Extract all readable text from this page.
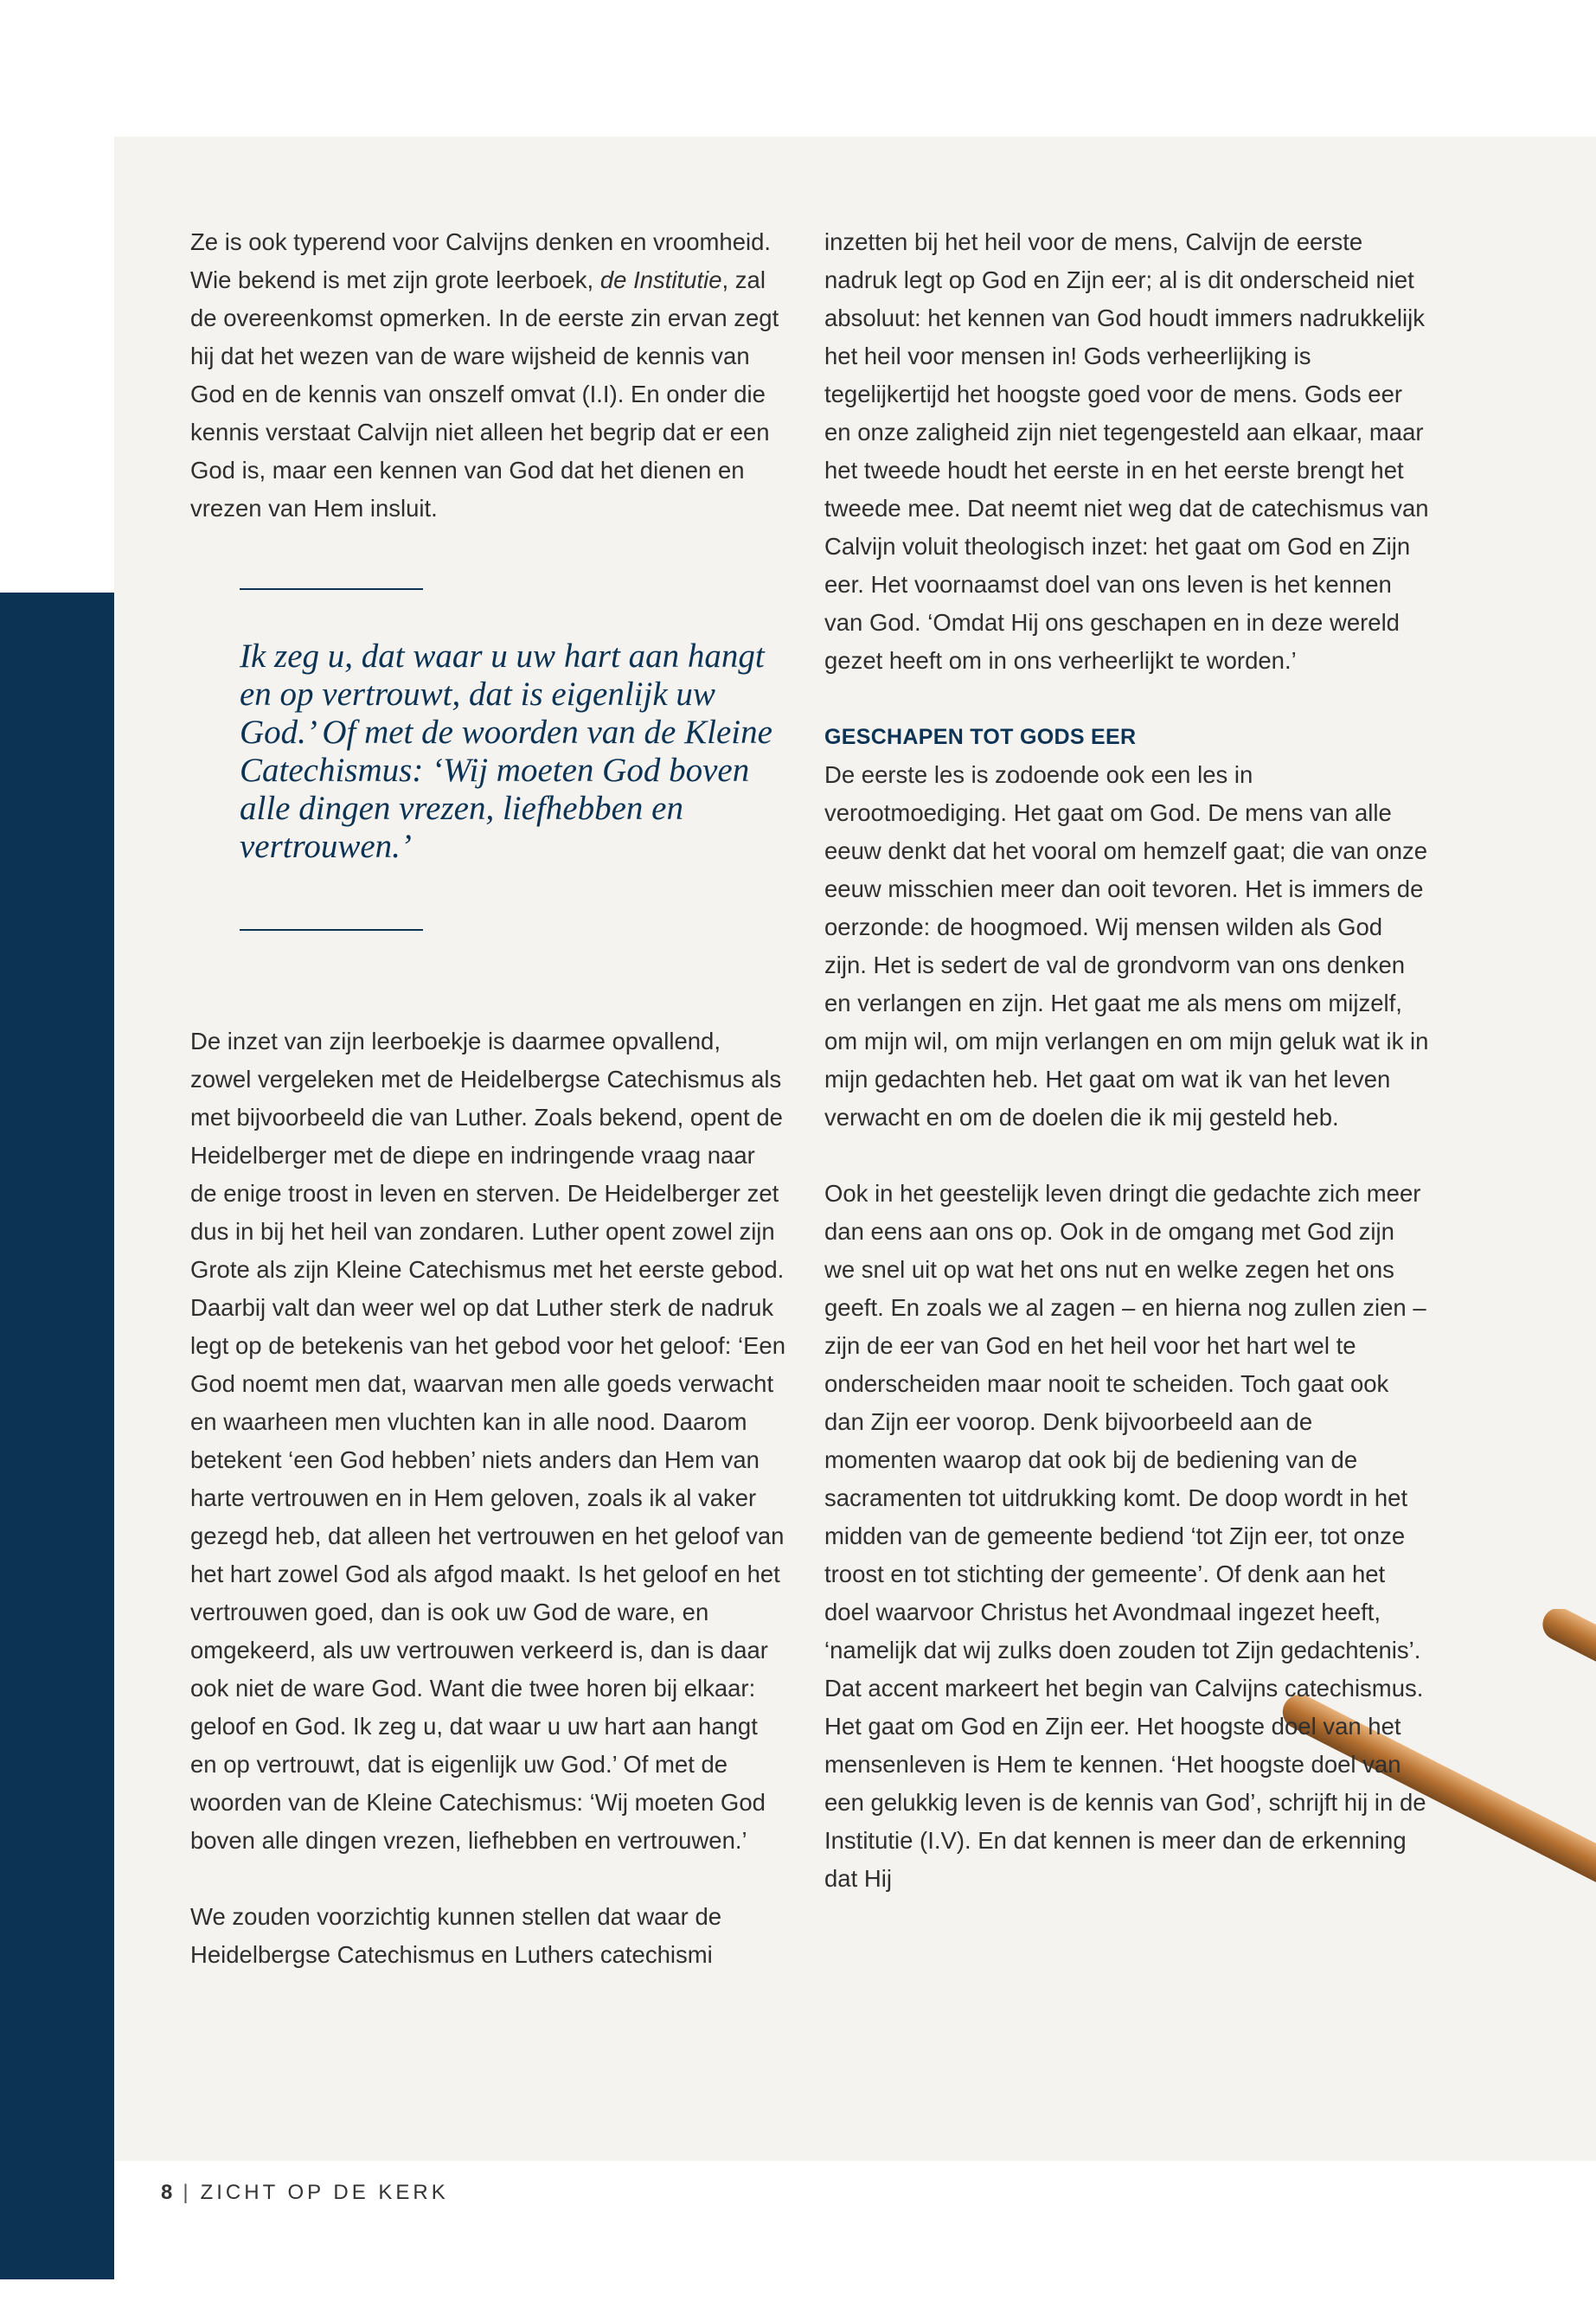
Ze is ook typerend voor Calvijns denken en vroomheid. Wie bekend is met zijn grote leerboek, de Institutie, zal de overeenkomst opmerken. In de eerste zin ervan zegt hij dat het wezen van de ware wijsheid de kennis van God en de kennis van onszelf omvat (I.I). En onder die kennis verstaat Calvijn niet alleen het begrip dat er een God is, maar een kennen van God dat het dienen en vrezen van Hem insluit.

Ik zeg u, dat waar u uw hart aan hangt en op vertrouwt, dat is eigenlijk uw God.’ Of met de woorden van de Kleine Catechismus: ‘Wij moeten God boven alle dingen vrezen, liefhebben en vertrouwen.’

De inzet van zijn leerboekje is daarmee opvallend, zowel vergeleken met de Heidelbergse Catechismus als met bijvoorbeeld die van Luther. Zoals bekend, opent de Heidelberger met de diepe en indringende vraag naar de enige troost in leven en sterven. De Heidelberger zet dus in bij het heil van zondaren. Luther opent zowel zijn Grote als zijn Kleine Catechismus met het eerste gebod. Daarbij valt dan weer wel op dat Luther sterk de nadruk legt op de betekenis van het gebod voor het geloof: ‘Een God noemt men dat, waarvan men alle goeds verwacht en waarheen men vluchten kan in alle nood. Daarom betekent ‘een God hebben’ niets anders dan Hem van harte vertrouwen en in Hem geloven, zoals ik al vaker gezegd heb, dat alleen het vertrouwen en het geloof van het hart zowel God als afgod maakt. Is het geloof en het vertrouwen goed, dan is ook uw God de ware, en omgekeerd, als uw vertrouwen verkeerd is, dan is daar ook niet de ware God. Want die twee horen bij elkaar: geloof en God. Ik zeg u, dat waar u uw hart aan hangt en op vertrouwt, dat is eigenlijk uw God.’ Of met de woorden van de Kleine Catechismus: ‘Wij moeten God boven alle dingen vrezen, liefhebben en vertrouwen.’

We zouden voorzichtig kunnen stellen dat waar de Heidelbergse Catechismus en Luthers catechismi

inzetten bij het heil voor de mens, Calvijn de eerste nadruk legt op God en Zijn eer; al is dit onderscheid niet absoluut: het kennen van God houdt immers nadrukkelijk het heil voor mensen in! Gods verheerlijking is tegelijkertijd het hoogste goed voor de mens. Gods eer en onze zaligheid zijn niet tegengesteld aan elkaar, maar het tweede houdt het eerste in en het eerste brengt het tweede mee. Dat neemt niet weg dat de catechismus van Calvijn voluit theologisch inzet: het gaat om God en Zijn eer. Het voornaamst doel van ons leven is het kennen van God. ‘Omdat Hij ons geschapen en in deze wereld gezet heeft om in ons verheerlijkt te worden.’

GESCHAPEN TOT GODS EER

De eerste les is zodoende ook een les in verootmoediging. Het gaat om God. De mens van alle eeuw denkt dat het vooral om hemzelf gaat; die van onze eeuw misschien meer dan ooit tevoren. Het is immers de oerzonde: de hoogmoed. Wij mensen wilden als God zijn. Het is sedert de val de grondvorm van ons denken en verlangen en zijn. Het gaat me als mens om mijzelf, om mijn wil, om mijn verlangen en om mijn geluk wat ik in mijn gedachten heb. Het gaat om wat ik van het leven verwacht en om de doelen die ik mij gesteld heb.

Ook in het geestelijk leven dringt die gedachte zich meer dan eens aan ons op. Ook in de omgang met God zijn we snel uit op wat het ons nut en welke zegen het ons geeft. En zoals we al zagen – en hierna nog zullen zien – zijn de eer van God en het heil voor het hart wel te onderscheiden maar nooit te scheiden. Toch gaat ook dan Zijn eer voorop. Denk bijvoorbeeld aan de momenten waarop dat ook bij de bediening van de sacramenten tot uitdrukking komt. De doop wordt in het midden van de gemeente bediend ‘tot Zijn eer, tot onze troost en tot stichting der gemeente’. Of denk aan het doel waarvoor Christus het Avondmaal ingezet heeft, ‘namelijk dat wij zulks doen zouden tot Zijn gedachtenis’. Dat accent markeert het begin van Calvijns catechismus. Het gaat om God en Zijn eer. Het hoogste doel van het mensenleven is Hem te kennen. ‘Het hoogste doel van een gelukkig leven is de kennis van God’, schrijft hij in de Institutie (I.V). En dat kennen is meer dan de erkenning dat Hij

8 | ZICHT OP DE KERK
